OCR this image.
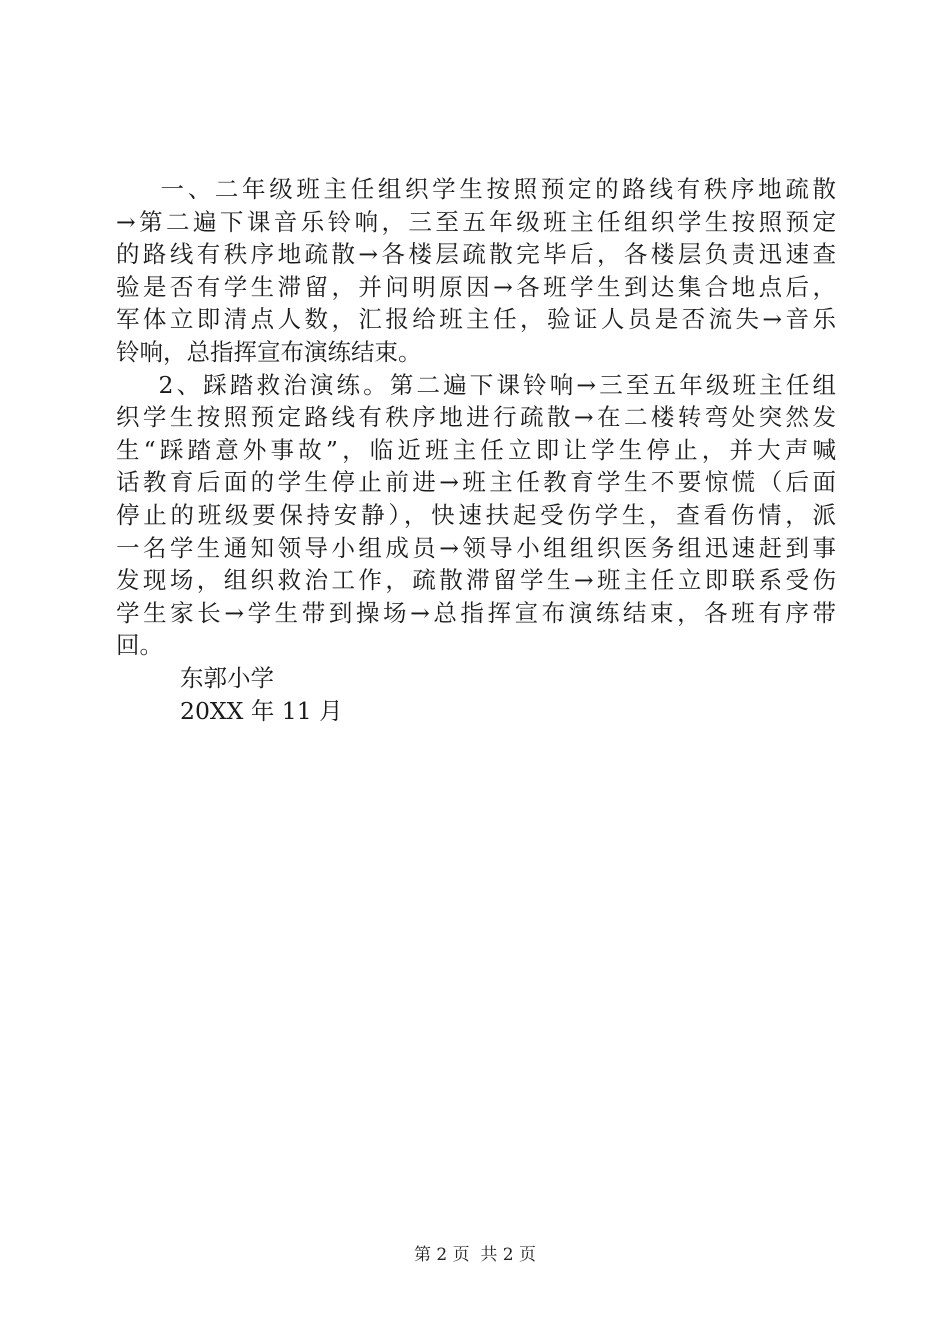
一、二年级班主任组织学生按照预定的路线有秩序地疏散
→第二遍下课音乐铃响，三至五年级班主任组织学生按照预定
的路线有秩序地疏散→各楼层疏散完毕后，各楼层负责迅速查
验是否有学生滞留，并问明原因→各班学生到达集合地点后，
军体立即清点人数，汇报给班主任，验证人员是否流失→音乐
铃响，总指挥宣布演练结束。
2、踩踏救治演练。第二遍下课铃响→三至五年级班主任组
织学生按照预定路线有秩序地进行疏散→在二楼转弯处突然发
生“踩踏意外事故”，临近班主任立即让学生停止，并大声喊
话教育后面的学生停止前进→班主任教育学生不要惊慌（后面
停止的班级要保持安静），快速扶起受伤学生，查看伤情，派
一名学生通知领导小组成员→领导小组组织医务组迅速赶到事
发现场，组织救治工作，疏散滞留学生→班主任立即联系受伤
学生家长→学生带到操场→总指挥宣布演练结束，各班有序带
回。
东郭小学
20XX 年 11 月
第 2 页  共 2 页
